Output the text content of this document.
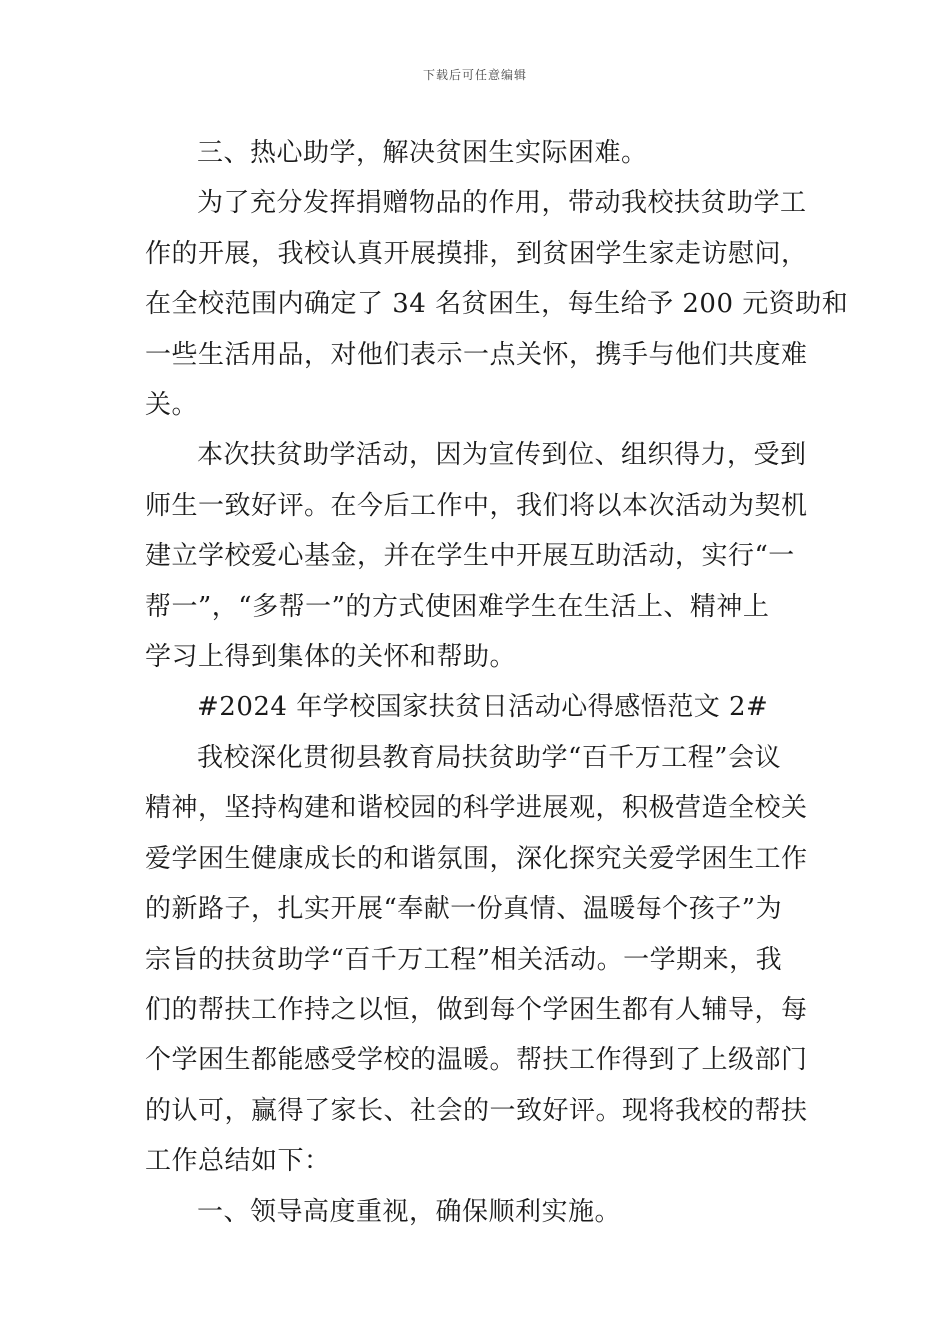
下载后可任意编辑
三、热心助学，解决贫困生实际困难。
为了充分发挥捐赠物品的作用，带动我校扶贫助学工
作的开展，我校认真开展摸排，到贫困学生家走访慰问，
在全校范围内确定了 34 名贫困生，每生给予 200 元资助和
一些生活用品，对他们表示一点关怀，携手与他们共度难
关。
本次扶贫助学活动，因为宣传到位、组织得力，受到
师生一致好评。在今后工作中，我们将以本次活动为契机
建立学校爱心基金，并在学生中开展互助活动，实行“一
帮一”，“多帮一”的方式使困难学生在生活上、精神上
学习上得到集体的关怀和帮助。
#2024 年学校国家扶贫日活动心得感悟范文 2#
我校深化贯彻县教育局扶贫助学“百千万工程”会议
精神，坚持构建和谐校园的科学进展观，积极营造全校关
爱学困生健康成长的和谐氛围，深化探究关爱学困生工作
的新路子，扎实开展“奉献一份真情、温暖每个孩子”为
宗旨的扶贫助学“百千万工程”相关活动。一学期来，我
们的帮扶工作持之以恒，做到每个学困生都有人辅导，每
个学困生都能感受学校的温暖。帮扶工作得到了上级部门
的认可，赢得了家长、社会的一致好评。现将我校的帮扶
工作总结如下：
一、领导高度重视，确保顺利实施。
